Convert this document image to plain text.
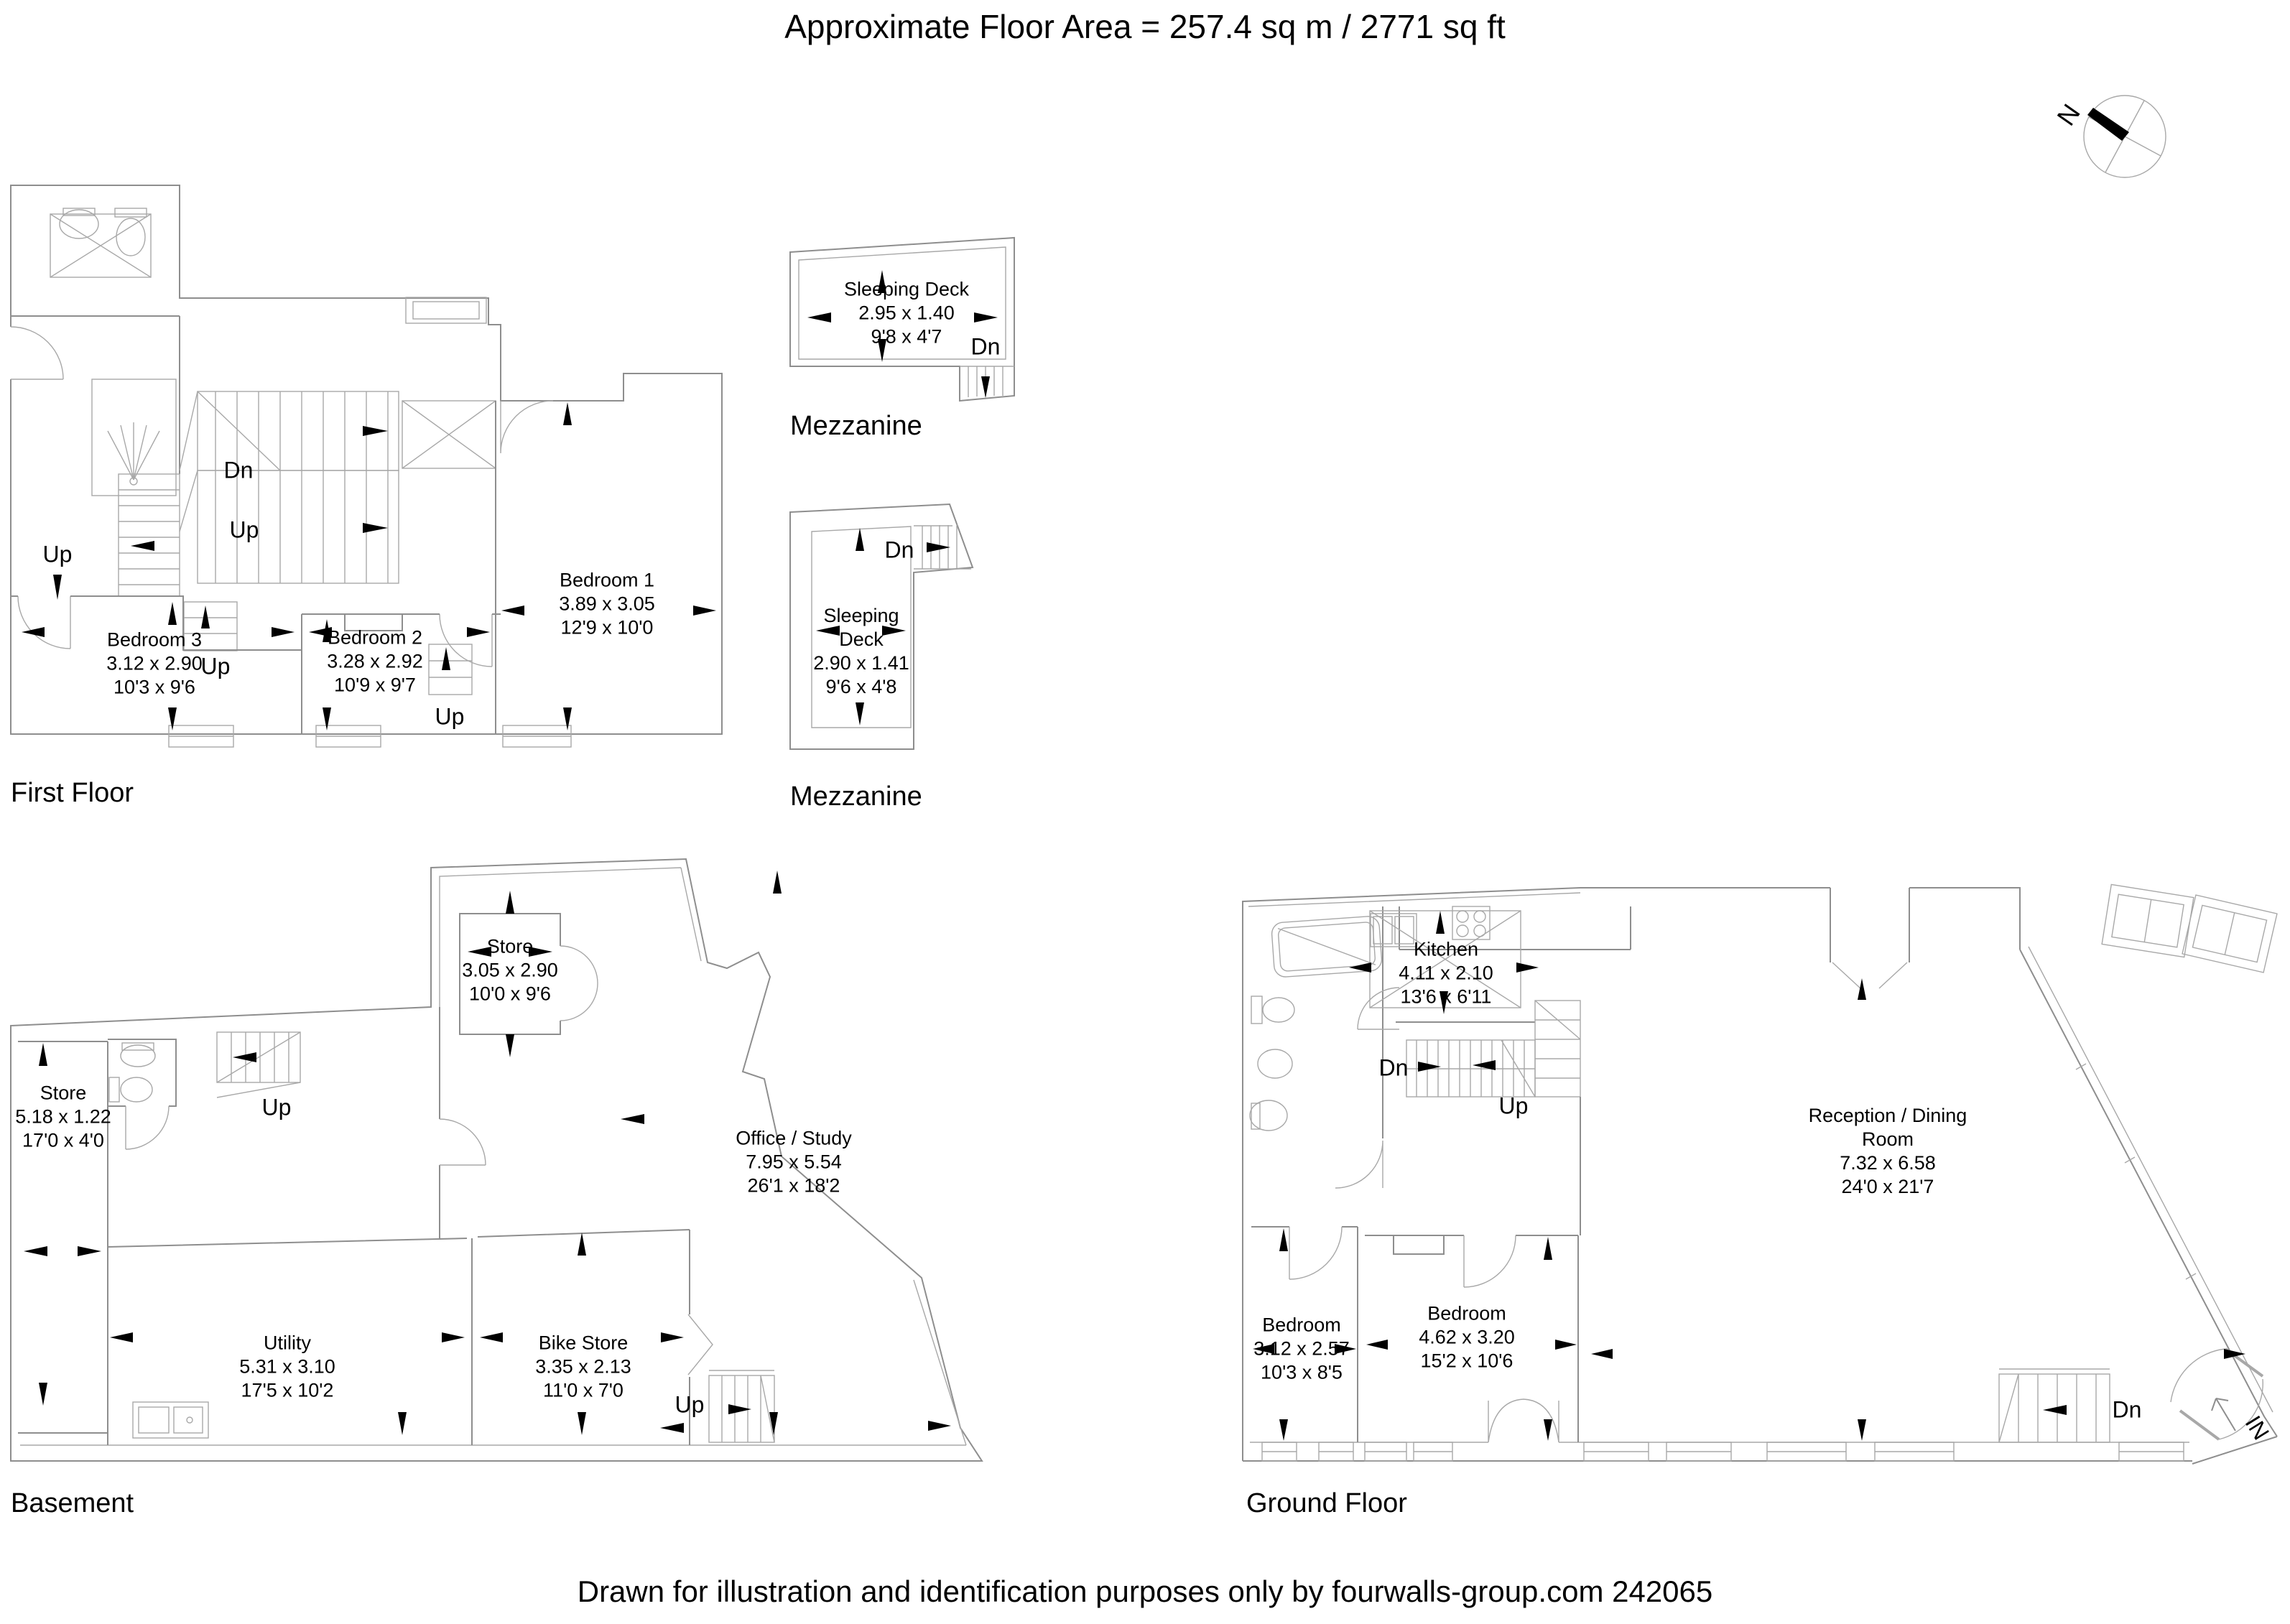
Approximate Floor Area = 257.4 sq m / 2771 sq ft
Drawn for illustration and identification purposes only by fourwalls-group.com 242065
N
First Floor
Mezzanine
Mezzanine
Basement	Ground Floor
Bedroom 3
3.12 x 2.90
10'3 x 9'6
Bedroom 2
3.28 x 2.92
10'9 x 9'7
Bedroom 1
3.89 x 3.05
12'9 x 10'0
Dn
Up
Up
Up
Up
Sleeping Deck
2.95 x 1.40
9'8 x 4'7	Dn
Sleeping Deck
2.90 x 1.41
9'6 x 4'8
Dn
Store
5.18 x 1.22
17'0 x 4'0
Store
3.05 x 2.90
10'0 x 9'6
Office / Study
7.95 x 5.54
26'1 x 18'2
Utility
5.31 x 3.10
17'5 x 10'2
Bike Store
3.35 x 2.13
11'0 x 7'0
Up
Up
Kitchen
4.11 x 2.10
13'6 x 6'11
Bedroom
3.12 x 2.57
10'3 x 8'5
Bedroom
4.62 x 3.20
15'2 x 10'6
Reception / Dining Room
7.32 x 6.58
24'0 x 21'7
Dn
Up
Dn
IN
